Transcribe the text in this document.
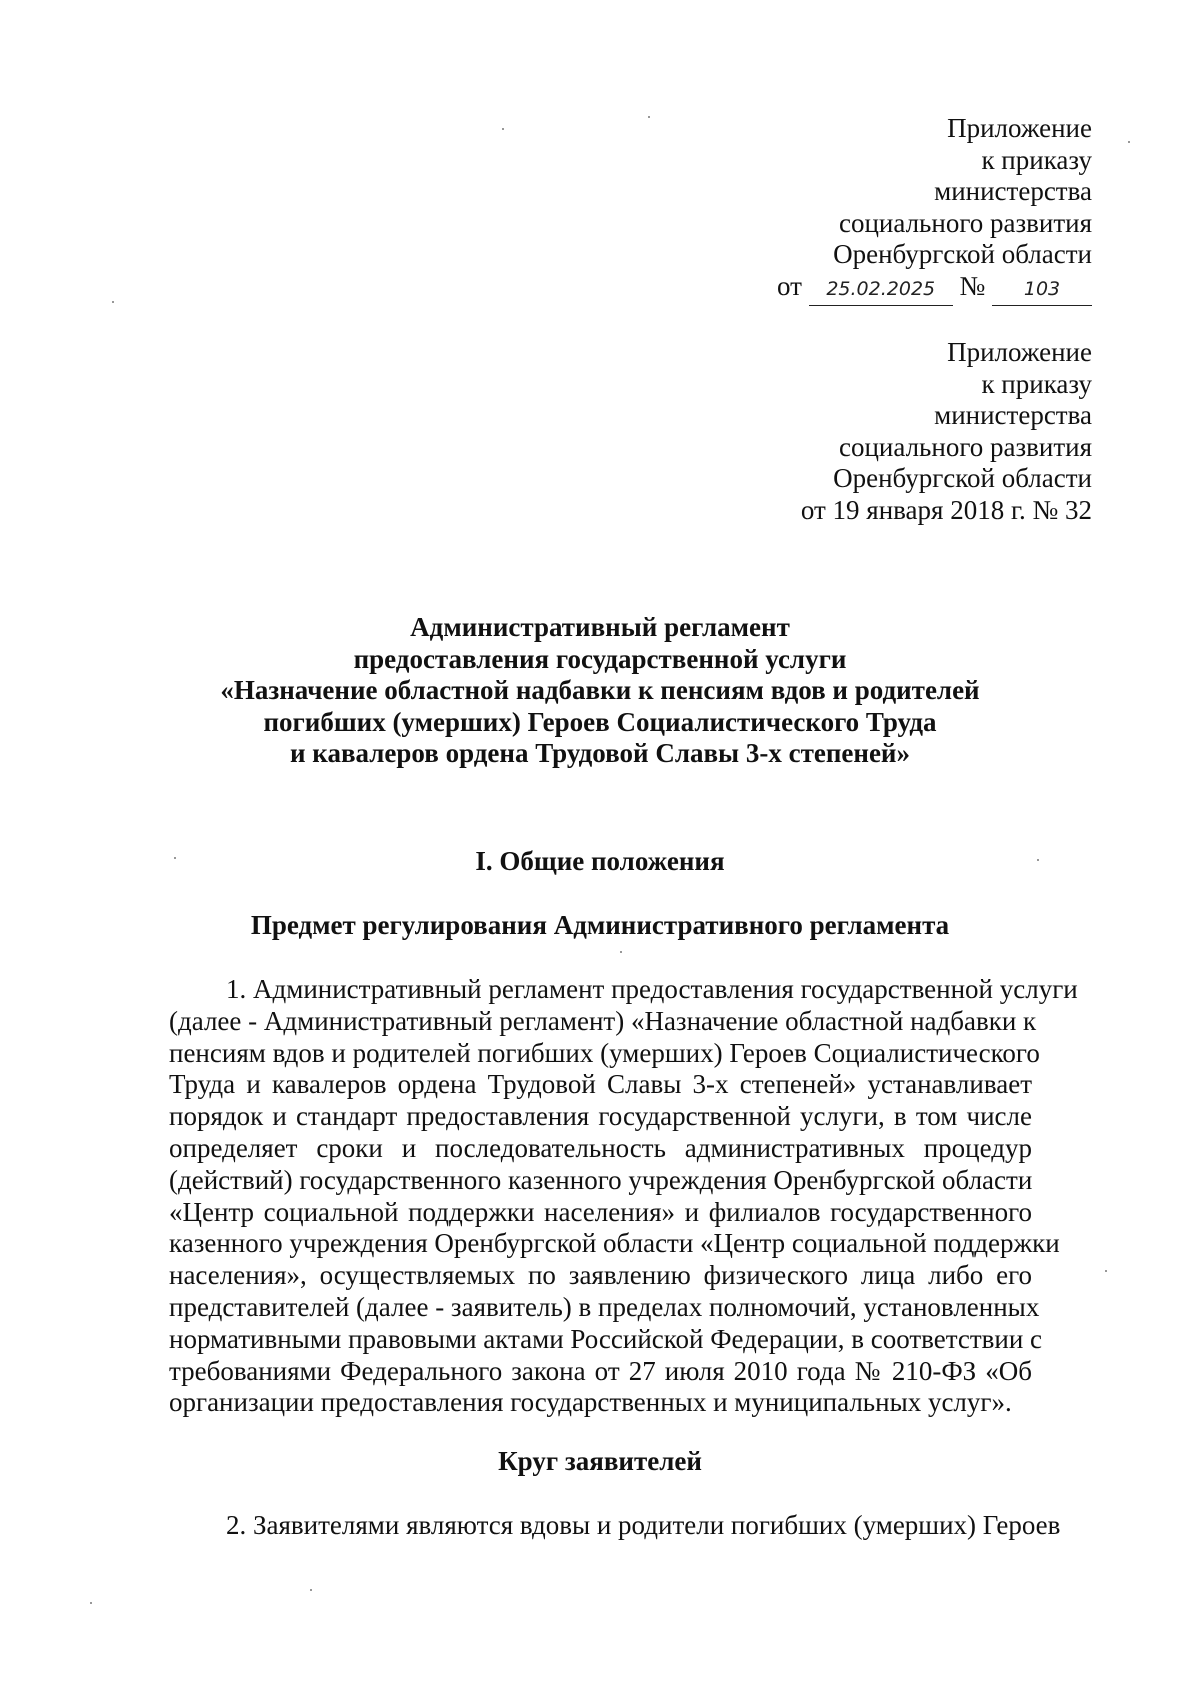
Приложение
к приказу
министерства
социального развития
Оренбургской области
от 25.02.2025 № 103
Приложение
к приказу
министерства
социального развития
Оренбургской области
от 19 января 2018 г. № 32
Административный регламент
предоставления государственной услуги
«Назначение областной надбавки к пенсиям вдов и родителей
погибших (умерших) Героев Социалистического Труда
и кавалеров ордена Трудовой Славы 3-х степеней»
I. Общие положения
Предмет регулирования Административного регламента
1. Административный регламент предоставления государственной услуги
(далее - Административный регламент) «Назначение областной надбавки к
пенсиям вдов и родителей погибших (умерших) Героев Социалистического
Труда и кавалеров ордена Трудовой Славы 3-х степеней» устанавливает
порядок и стандарт предоставления государственной услуги, в том числе
определяет сроки и последовательность административных процедур
(действий) государственного казенного учреждения Оренбургской области
«Центр социальной поддержки населения» и филиалов государственного
казенного учреждения Оренбургской области «Центр социальной поддержки
населения», осуществляемых по заявлению физического лица либо его
представителей (далее - заявитель) в пределах полномочий, установленных
нормативными правовыми актами Российской Федерации, в соответствии с
требованиями Федерального закона от 27 июля 2010 года № 210-ФЗ «Об
организации предоставления государственных и муниципальных услуг».
Круг заявителей
2. Заявителями являются вдовы и родители погибших (умерших) Героев
